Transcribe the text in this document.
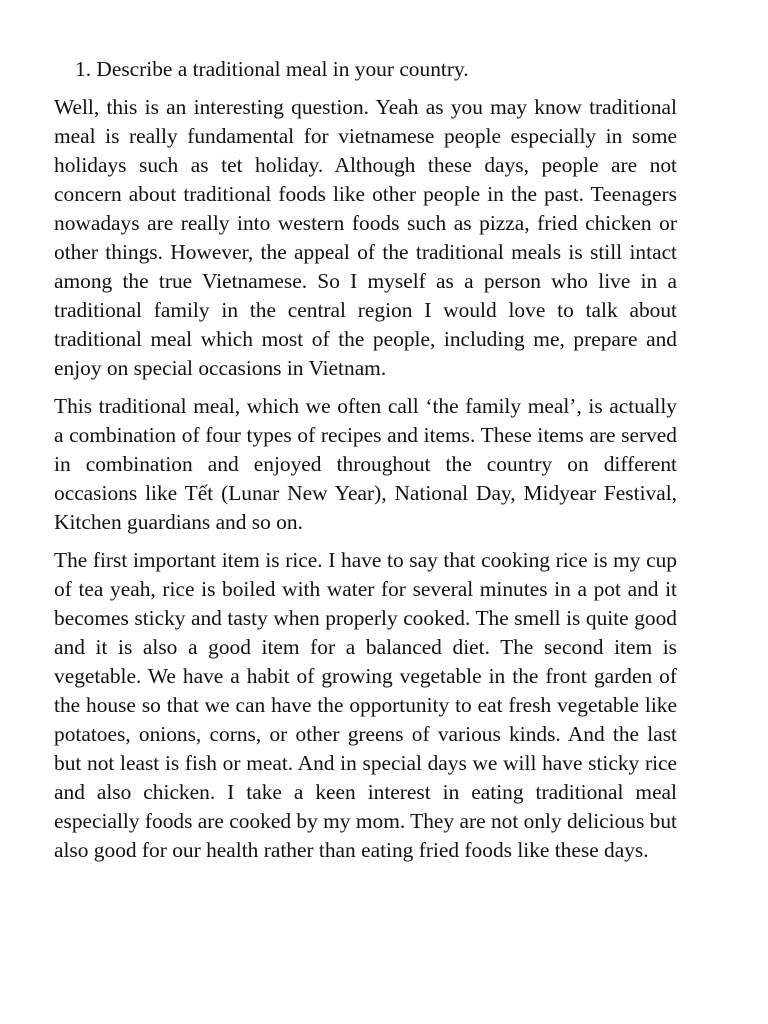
1. Describe a traditional meal in your country.

Well, this is an interesting question. Yeah as you may know traditional meal is really fundamental for vietnamese people especially in some holidays such as tet holiday. Although these days, people are not concern about traditional foods like other people in the past. Teenagers nowadays are really into western foods such as pizza, fried chicken or other things. However, the appeal of the traditional meals is still intact among the true Vietnamese. So I myself as a person who live in a traditional family in the central region I would love to talk about traditional meal which most of the people, including me, prepare and enjoy on special occasions in Vietnam.

This traditional meal, which we often call ‘the family meal’, is actually a combination of four types of recipes and items. These items are served in combination and enjoyed throughout the country on different occasions like Tết (Lunar New Year), National Day, Midyear Festival, Kitchen guardians and so on.

The first important item is rice. I have to say that cooking rice is my cup of tea yeah, rice is boiled with water for several minutes in a pot and it becomes sticky and tasty when properly cooked. The smell is quite good and it is also a good item for a balanced diet. The second item is vegetable. We have a habit of growing vegetable in the front garden of the house so that we can have the opportunity to eat fresh vegetable like potatoes, onions, corns, or other greens of various kinds. And the last but not least is fish or meat. And in special days we will have sticky rice and also chicken. I take a keen interest in eating traditional meal especially foods are cooked by my mom. They are not only delicious but also good for our health rather than eating fried foods like these days.
